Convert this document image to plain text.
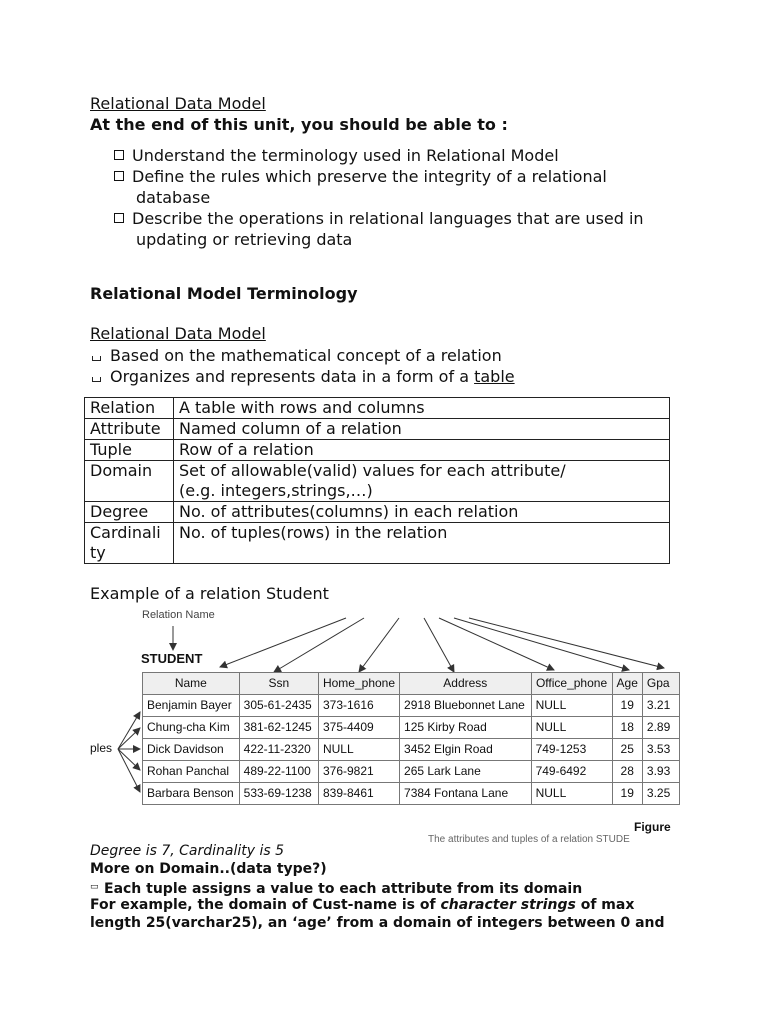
Relational Data Model
At the end of this unit, you should be able to :
Understand the terminology used in Relational Model
Define the rules which preserve the integrity of a relational
database
Describe the operations in relational languages that are used in
updating or retrieving data
Relational Model Terminology
Relational Data Model
Based on the mathematical concept of a relation
Organizes and represents data in a form of a table
Relation	A table with rows and columns
Attribute	Named column of a relation
Tuple	Row of a relation
Domain	Set of allowable(valid) values for each attribute/
(e.g. integers,strings,…)
Degree	No. of attributes(columns) in each relation
Cardinali
ty	No. of tuples(rows) in the relation
Example of a relation Student
Relation Name
STUDENT
ples
Name	Ssn	Home_phone	Address	Office_phone	Age	Gpa
Benjamin Bayer	305-61-2435	373-1616	2918 Bluebonnet Lane	NULL	19	3.21
Chung-cha Kim	381-62-1245	375-4409	125 Kirby Road	NULL	18	2.89
Dick Davidson	422-11-2320	NULL	3452 Elgin Road	749-1253	25	3.53
Rohan Panchal	489-22-1100	376-9821	265 Lark Lane	749-6492	28	3.93
Barbara Benson	533-69-1238	839-8461	7384 Fontana Lane	NULL	19	3.25
Figure
The attributes and tuples of a relation STUDE
Degree is 7, Cardinality is 5
More on Domain..(data type?)
▭ Each tuple assigns a value to each attribute from its domain
For example, the domain of Cust-name is of character strings of max
length 25(varchar25), an ‘age’ from a domain of integers between 0 and
